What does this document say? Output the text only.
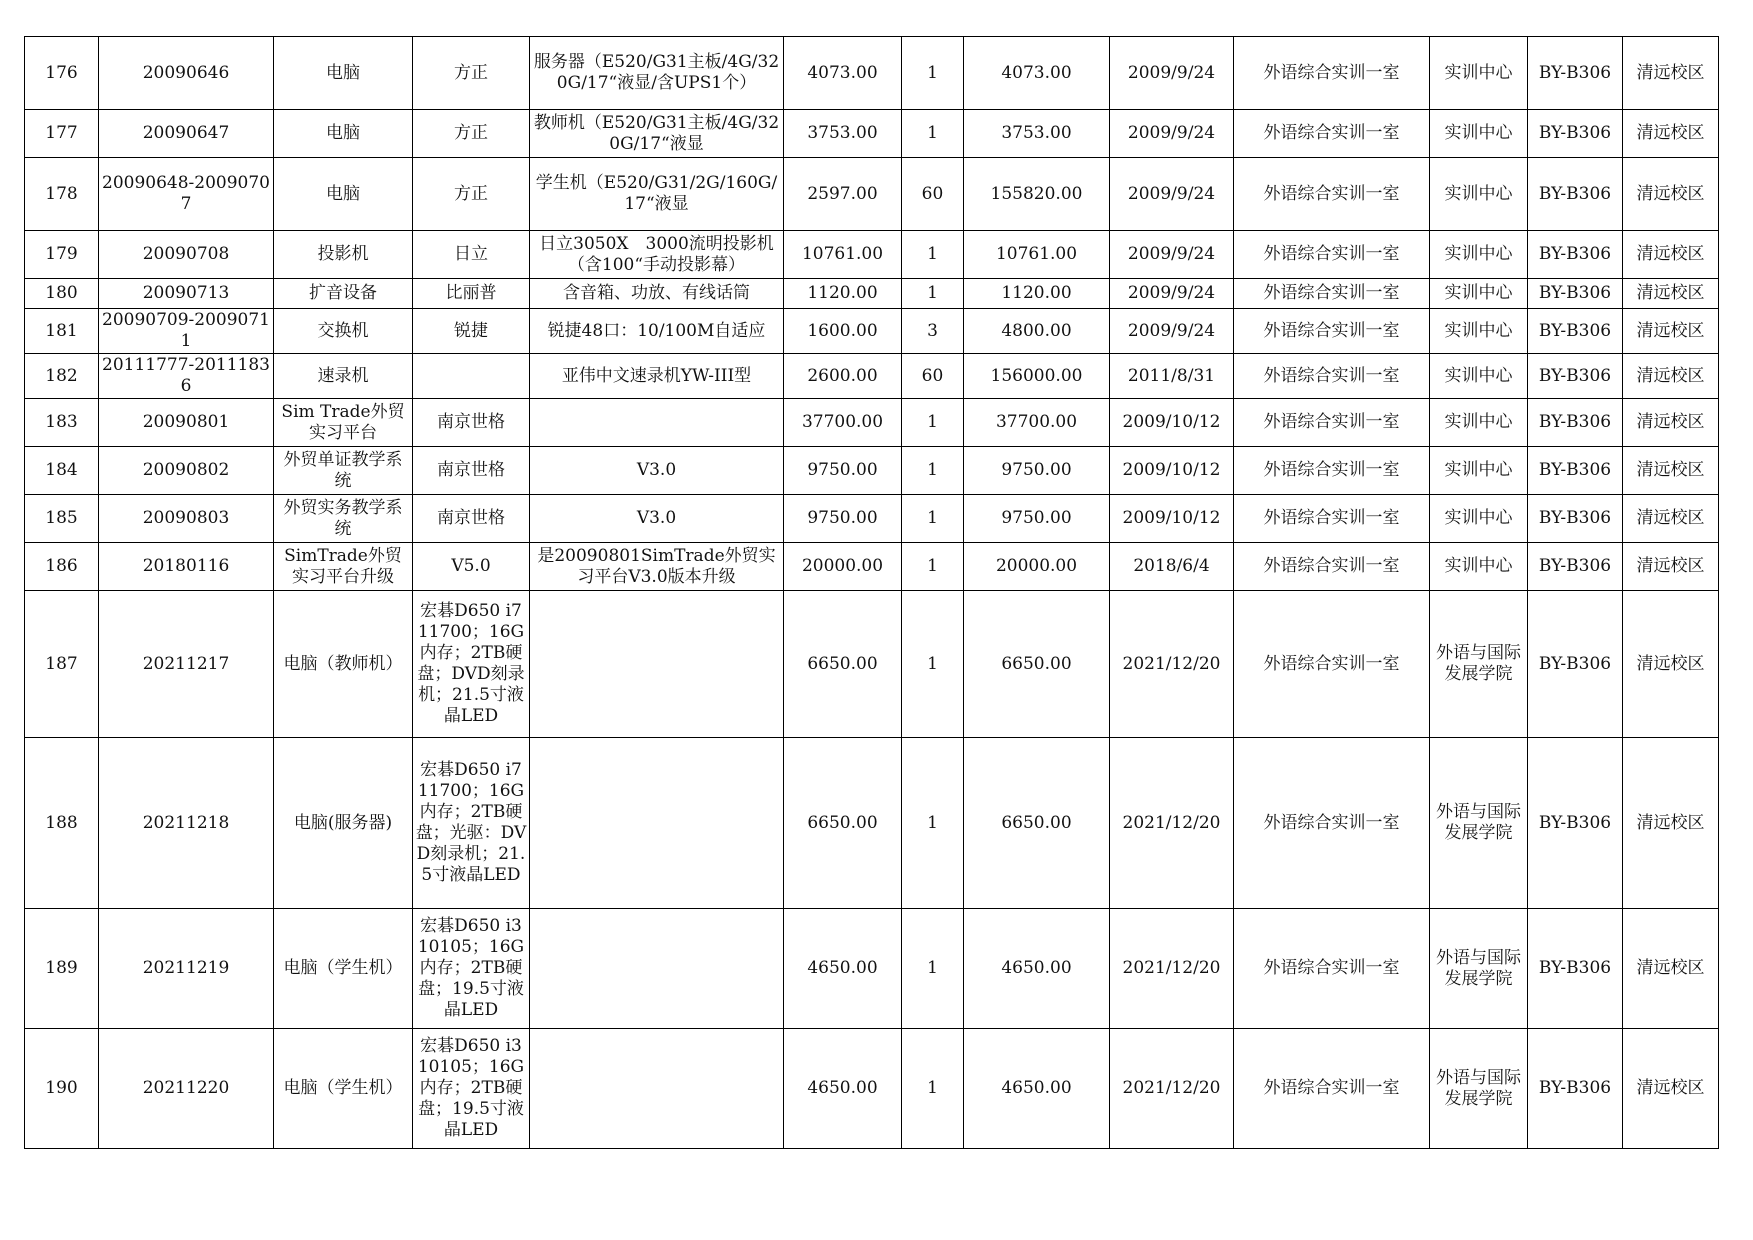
176	20090646	电脑	方正	服务器（E520/G31主板/4G/320G/17“液显/含UPS1个）	4073.00	1	4073.00	2009/9/24	外语综合实训一室	实训中心	BY-B306	清远校区
177	20090647	电脑	方正	教师机（E520/G31主板/4G/320G/17“液显	3753.00	1	3753.00	2009/9/24	外语综合实训一室	实训中心	BY-B306	清远校区
178	20090648-20090707	电脑	方正	学生机（E520/G31/2G/160G/17“液显	2597.00	60	155820.00	2009/9/24	外语综合实训一室	实训中心	BY-B306	清远校区
179	20090708	投影机	日立	日立3050X　3000流明投影机（含100“手动投影幕）	10761.00	1	10761.00	2009/9/24	外语综合实训一室	实训中心	BY-B306	清远校区
180	20090713	扩音设备	比丽普	含音箱、功放、有线话筒	1120.00	1	1120.00	2009/9/24	外语综合实训一室	实训中心	BY-B306	清远校区
181	20090709-20090711	交换机	锐捷	锐捷48口：10/100M自适应	1600.00	3	4800.00	2009/9/24	外语综合实训一室	实训中心	BY-B306	清远校区
182	20111777-20111836	速录机		亚伟中文速录机YW-III型	2600.00	60	156000.00	2011/8/31	外语综合实训一室	实训中心	BY-B306	清远校区
183	20090801	Sim Trade外贸实习平台	南京世格		37700.00	1	37700.00	2009/10/12	外语综合实训一室	实训中心	BY-B306	清远校区
184	20090802	外贸单证教学系统	南京世格	V3.0	9750.00	1	9750.00	2009/10/12	外语综合实训一室	实训中心	BY-B306	清远校区
185	20090803	外贸实务教学系统	南京世格	V3.0	9750.00	1	9750.00	2009/10/12	外语综合实训一室	实训中心	BY-B306	清远校区
186	20180116	SimTrade外贸实习平台升级	V5.0	是20090801SimTrade外贸实习平台V3.0版本升级	20000.00	1	20000.00	2018/6/4	外语综合实训一室	实训中心	BY-B306	清远校区
187	20211217	电脑（教师机）	宏碁D650 i7 11700；16G内存；2TB硬盘；DVD刻录机；21.5寸液晶LED		6650.00	1	6650.00	2021/12/20	外语综合实训一室	外语与国际发展学院	BY-B306	清远校区
188	20211218	电脑(服务器)	宏碁D650 i7 11700；16G内存；2TB硬盘；光驱：DVD刻录机；21.5寸液晶LED		6650.00	1	6650.00	2021/12/20	外语综合实训一室	外语与国际发展学院	BY-B306	清远校区
189	20211219	电脑（学生机）	宏碁D650 i3 10105；16G内存；2TB硬盘；19.5寸液晶LED		4650.00	1	4650.00	2021/12/20	外语综合实训一室	外语与国际发展学院	BY-B306	清远校区
190	20211220	电脑（学生机）	宏碁D650 i3 10105；16G内存；2TB硬盘；19.5寸液晶LED		4650.00	1	4650.00	2021/12/20	外语综合实训一室	外语与国际发展学院	BY-B306	清远校区
